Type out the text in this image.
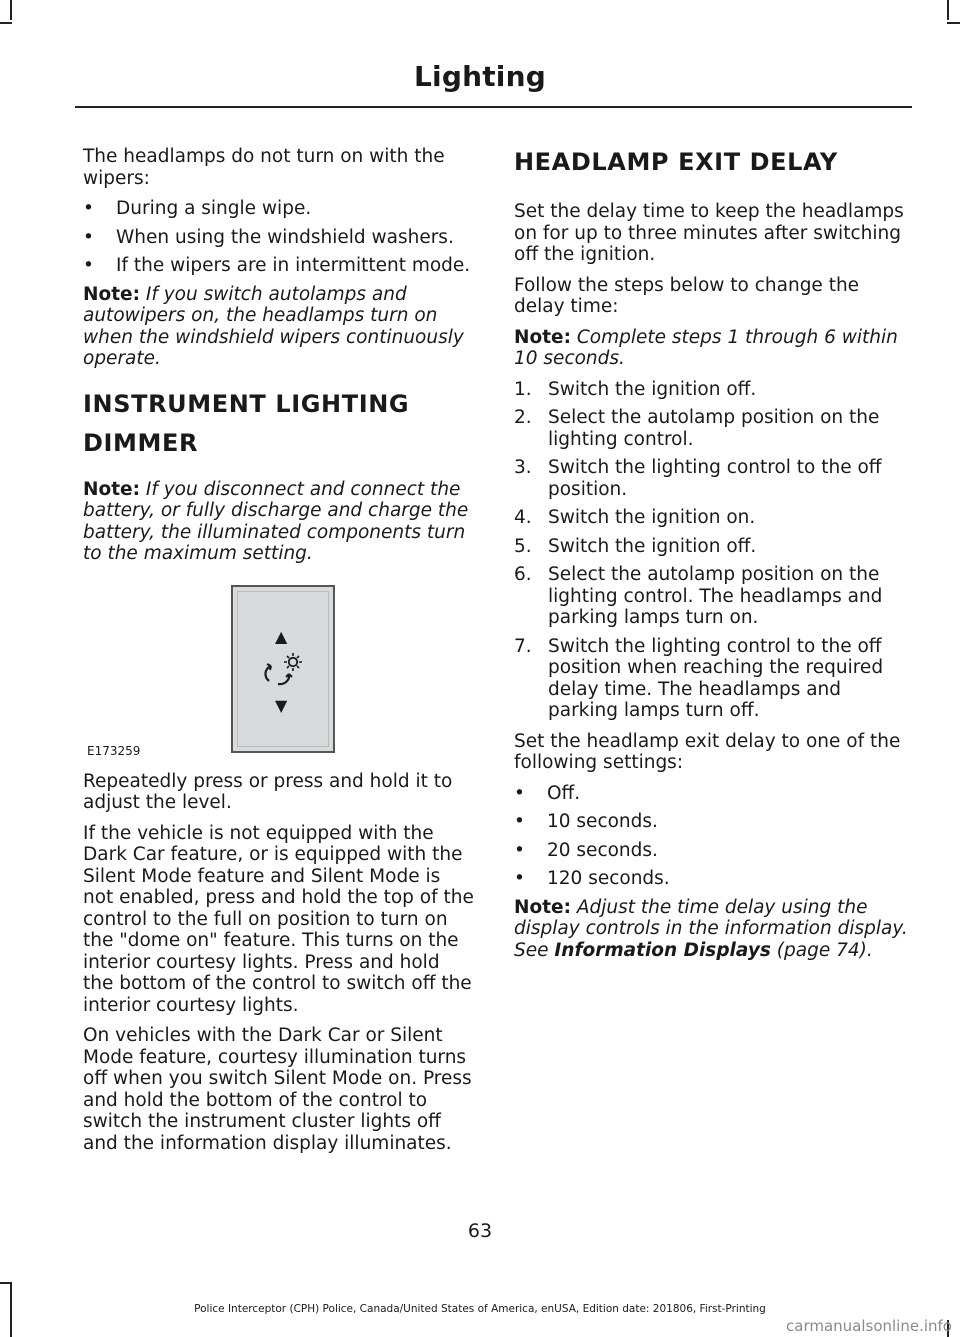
Lighting

The headlamps do not turn on with the wipers:

• During a single wipe.
• When using the windshield washers.
• If the wipers are in intermittent mode.

Note: If you switch autolamps and autowipers on, the headlamps turn on when the windshield wipers continuously operate.

INSTRUMENT LIGHTING
DIMMER

Note: If you disconnect and connect the battery, or fully discharge and charge the battery, the illuminated components turn to the maximum setting.

▲
▼
E173259

Repeatedly press or press and hold it to adjust the level.

If the vehicle is not equipped with the Dark Car feature, or is equipped with the Silent Mode feature and Silent Mode is not enabled, press and hold the top of the control to the full on position to turn on the "dome on" feature. This turns on the interior courtesy lights. Press and hold the bottom of the control to switch off the interior courtesy lights.

On vehicles with the Dark Car or Silent Mode feature, courtesy illumination turns off when you switch Silent Mode on. Press and hold the bottom of the control to switch the instrument cluster lights off and the information display illuminates.

HEADLAMP EXIT DELAY

Set the delay time to keep the headlamps on for up to three minutes after switching off the ignition.

Follow the steps below to change the delay time:

Note: Complete steps 1 through 6 within 10 seconds.

1. Switch the ignition off.
2. Select the autolamp position on the lighting control.
3. Switch the lighting control to the off position.
4. Switch the ignition on.
5. Switch the ignition off.
6. Select the autolamp position on the lighting control. The headlamps and parking lamps turn on.
7. Switch the lighting control to the off position when reaching the required delay time. The headlamps and parking lamps turn off.

Set the headlamp exit delay to one of the following settings:

• Off.
• 10 seconds.
• 20 seconds.
• 120 seconds.

Note: Adjust the time delay using the display controls in the information display. See Information Displays (page 74).

63
Police Interceptor (CPH) Police, Canada/United States of America, enUSA, Edition date: 201806, First-Printing
carmanualsonline.info
